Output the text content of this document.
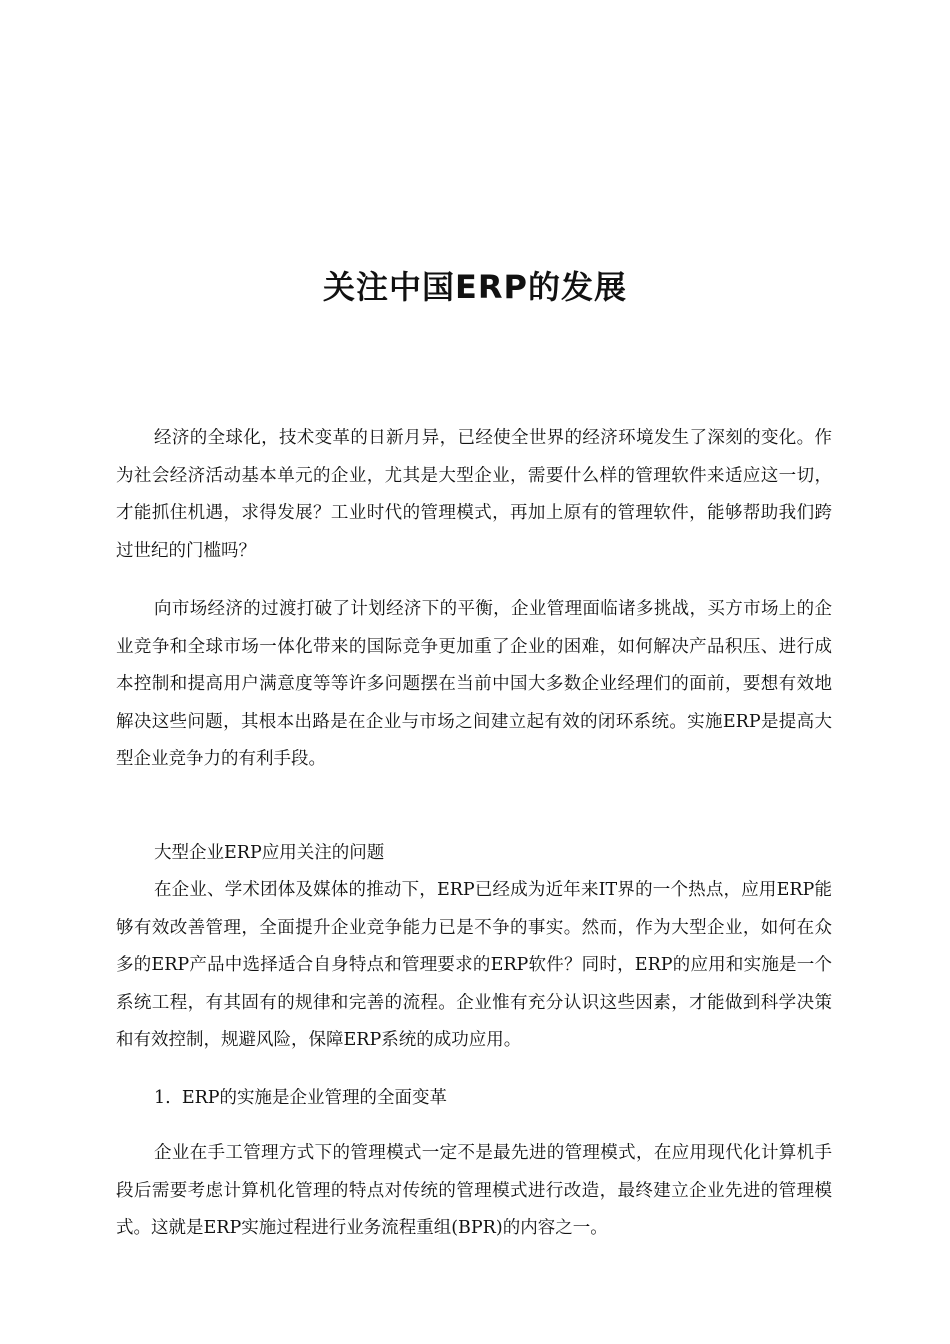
关注中国ERP的发展

经济的全球化，技术变革的日新月异，已经使全世界的经济环境发生了深刻的变化。作为社会经济活动基本单元的企业，尤其是大型企业，需要什么样的管理软件来适应这一切，才能抓住机遇，求得发展？工业时代的管理模式，再加上原有的管理软件，能够帮助我们跨过世纪的门槛吗？

向市场经济的过渡打破了计划经济下的平衡，企业管理面临诸多挑战，买方市场上的企业竞争和全球市场一体化带来的国际竞争更加重了企业的困难，如何解决产品积压、进行成本控制和提高用户满意度等等许多问题摆在当前中国大多数企业经理们的面前，要想有效地解决这些问题，其根本出路是在企业与市场之间建立起有效的闭环系统。实施ERP是提高大型企业竞争力的有利手段。

大型企业ERP应用关注的问题

在企业、学术团体及媒体的推动下，ERP已经成为近年来IT界的一个热点，应用ERP能够有效改善管理，全面提升企业竞争能力已是不争的事实。然而，作为大型企业，如何在众多的ERP产品中选择适合自身特点和管理要求的ERP软件？同时，ERP的应用和实施是一个系统工程，有其固有的规律和完善的流程。企业惟有充分认识这些因素，才能做到科学决策和有效控制，规避风险，保障ERP系统的成功应用。

1.  ERP的实施是企业管理的全面变革

企业在手工管理方式下的管理模式一定不是最先进的管理模式，在应用现代化计算机手段后需要考虑计算机化管理的特点对传统的管理模式进行改造，最终建立企业先进的管理模式。这就是ERP实施过程进行业务流程重组(BPR)的内容之一。
